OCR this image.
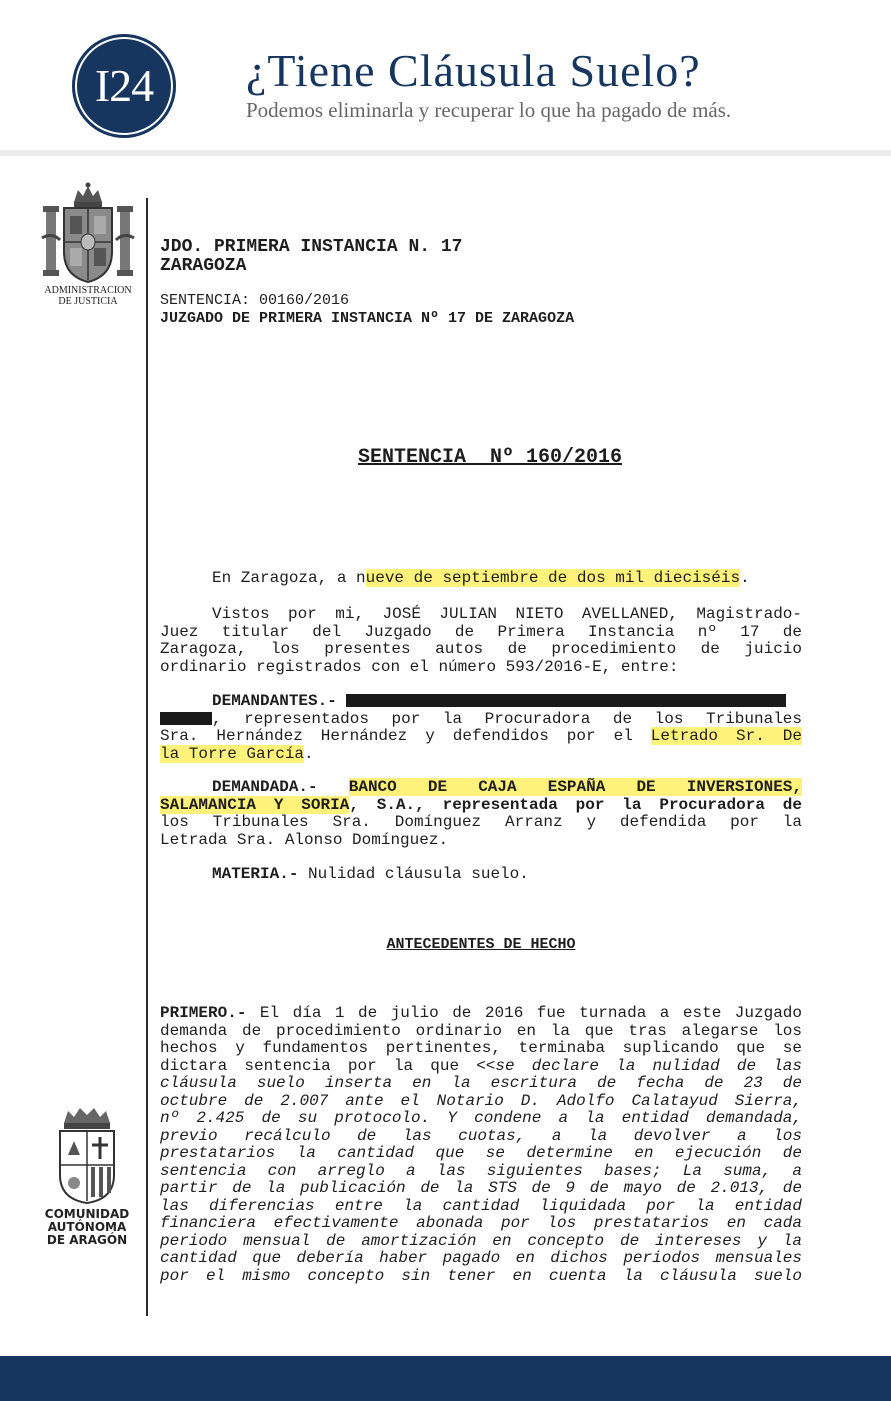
I24	¿Tiene Cláusula Suelo?
Podemos eliminarla y recuperar lo que ha pagado de más.
ADMINISTRACION
DE JUSTICIA
COMUNIDAD
AUTÓNOMA
DE ARAGÓN
JDO. PRIMERA INSTANCIA N. 17
ZARAGOZA
SENTENCIA: 00160/2016
JUZGADO DE PRIMERA INSTANCIA Nº 17 DE ZARAGOZA
SENTENCIA  Nº 160/2016
En Zaragoza, a nueve de septiembre de dos mil dieciséis.
Vistos por mi, JOSÉ JULIAN NIETO AVELLANED, Magistrado-
Juez titular del Juzgado de Primera Instancia nº 17 de
Zaragoza, los presentes autos de procedimiento de juicio
ordinario registrados con el número 593/2016-E, entre:
DEMANDANTES.-
, representados por la Procuradora de los Tribunales
Sra. Hernández Hernández y defendidos por el Letrado Sr. De
la Torre García.
DEMANDADA.- BANCO DE CAJA ESPAÑA DE INVERSIONES,
SALAMANCIA Y SORIA, S.A., representada por la Procuradora de
los Tribunales Sra. Domínguez Arranz y defendida por la
Letrada Sra. Alonso Domínguez.
MATERIA.- Nulidad cláusula suelo.
ANTECEDENTES DE HECHO
PRIMERO.- El día 1 de julio de 2016 fue turnada a este Juzgado
demanda de procedimiento ordinario en la que tras alegarse los
hechos y fundamentos pertinentes, terminaba suplicando que se
dictara sentencia por la que <<se declare la nulidad de las
cláusula suelo inserta en la escritura de fecha de 23 de
octubre de 2.007 ante el Notario D. Adolfo Calatayud Sierra,
nº 2.425 de su protocolo. Y condene a la entidad demandada,
previo recálculo de las cuotas, a la devolver a los
prestatarios la cantidad que se determine en ejecución de
sentencia con arreglo a las siguientes bases; La suma, a
partir de la publicación de la STS de 9 de mayo de 2.013, de
las diferencias entre la cantidad liquidada por la entidad
financiera efectivamente abonada por los prestatarios en cada
periodo mensual de amortización en concepto de intereses y la
cantidad que debería haber pagado en dichos periodos mensuales
por el mismo concepto sin tener en cuenta la cláusula suelo
